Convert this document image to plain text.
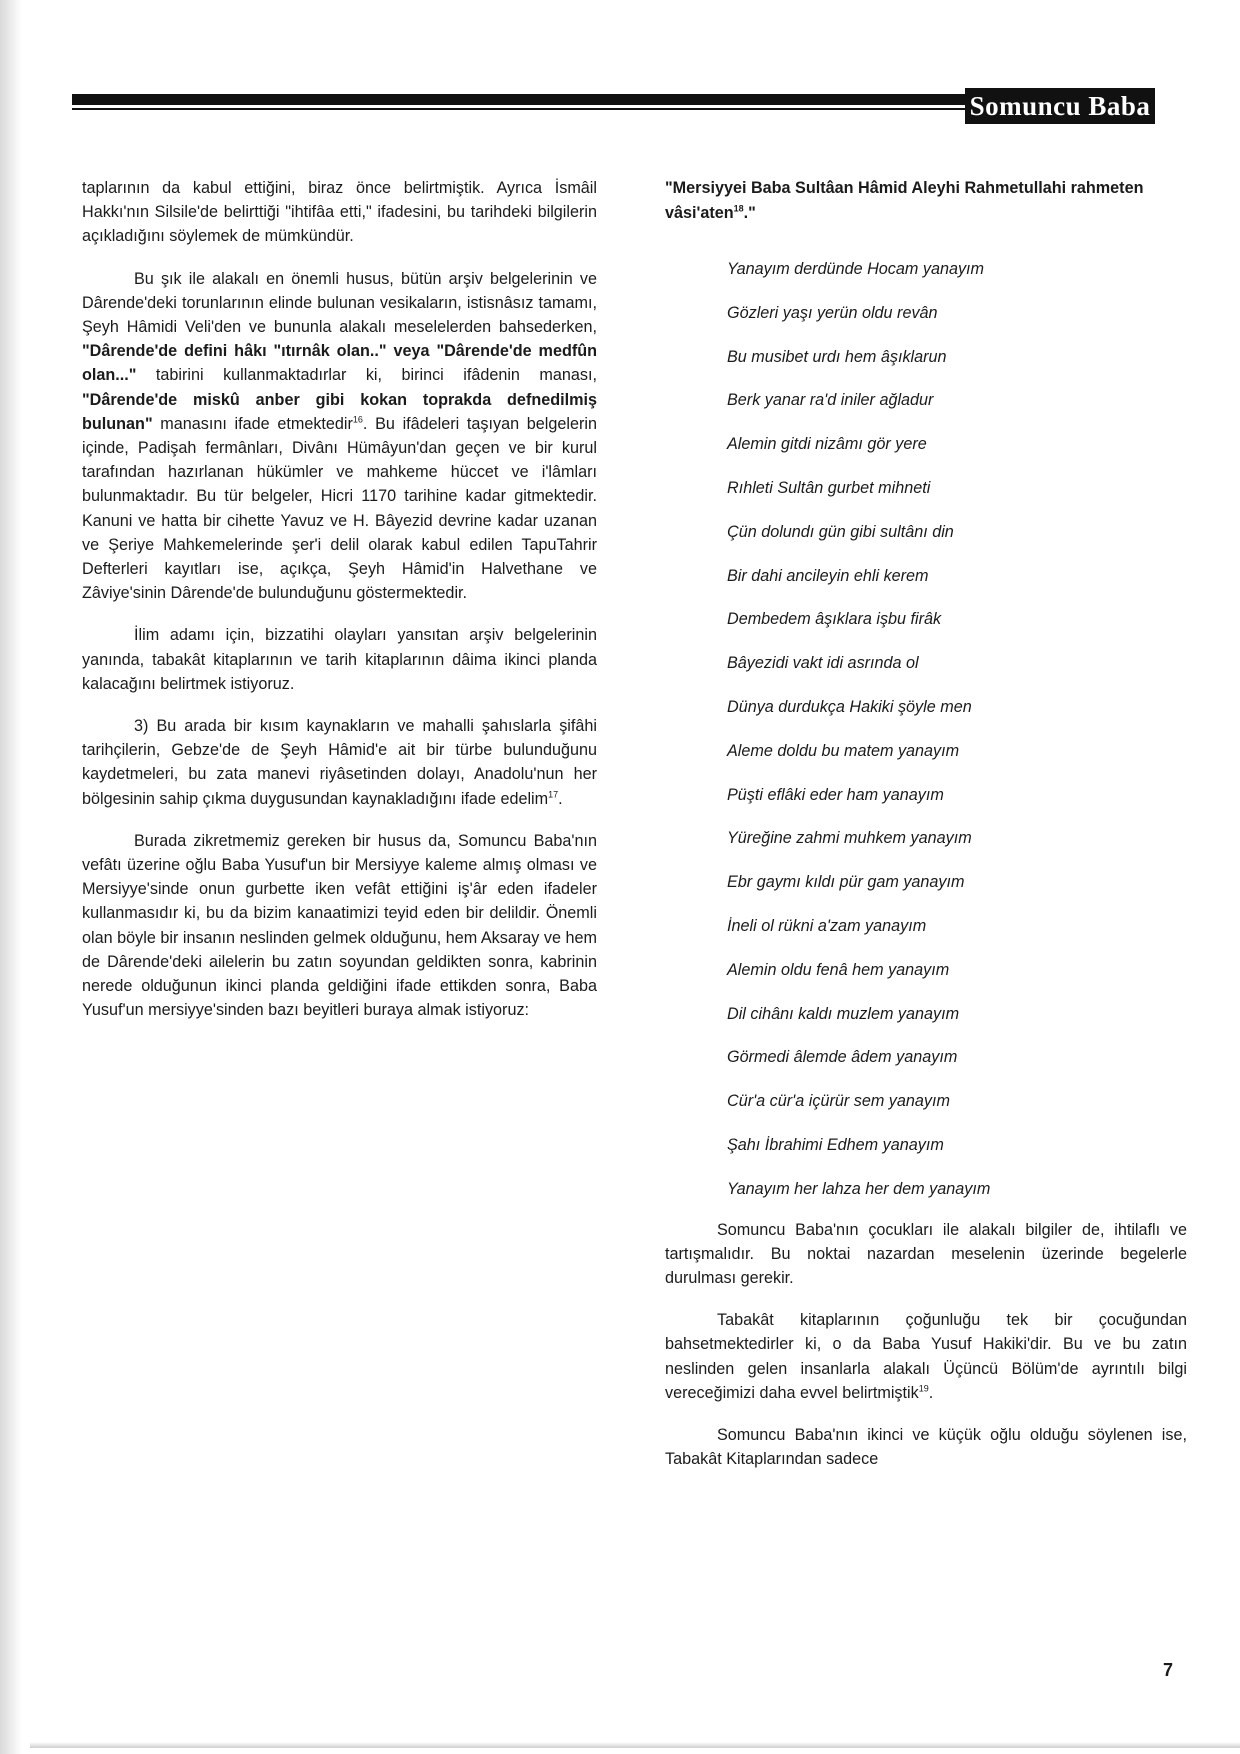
Somuncu Baba

taplarının da kabul ettiğini, biraz önce belirtmiştik. Ayrıca İsmâil Hakkı'nın Silsile'de belirttiği "ihtifâa etti," ifadesini, bu tarihdeki bilgilerin açıkladığını söylemek de mümkündür.

Bu şık ile alakalı en önemli husus, bütün arşiv belgelerinin ve Dârende'deki torunlarının elinde bulunan vesikaların, istisnâsız tamamı, Şeyh Hâmidi Veli'den ve bununla alakalı meselelerden bahsederken, "Dârende'de defini hâkı "ıtırnâk olan.." veya "Dârende'de medfûn olan..." tabirini kullanmaktadırlar ki, birinci ifâdenin manası, "Dârende'de miskû anber gibi kokan toprakda defnedilmiş bulunan" manasını ifade etmektedir$^{16}$. Bu ifâdeleri taşıyan belgelerin içinde, Padişah fermânları, Divânı Hümâyun'dan geçen ve bir kurul tarafından hazırlanan hükümler ve mahkeme hüccet ve i'lâmları bulunmaktadır. Bu tür belgeler, Hicri 1170 tarihine kadar gitmektedir. Kanuni ve hatta bir cihette Yavuz ve H. Bâyezid devrine kadar uzanan ve Şeriye Mahkemelerinde şer'i delil olarak kabul edilen TapuTahrir Defterleri kayıtları ise, açıkça, Şeyh Hâmid'in Halvethane ve Zâviye'sinin Dârende'de bulunduğunu göstermektedir.

İlim adamı için, bizzatihi olayları yansıtan arşiv belgelerinin yanında, tabakât kitaplarının ve tarih kitaplarının dâima ikinci planda kalacağını belirtmek istiyoruz.

3) Bu arada bir kısım kaynakların ve mahalli şahıslarla şifâhi tarihçilerin, Gebze'de de Şeyh Hâmid'e ait bir türbe bulunduğunu kaydetmeleri, bu zata manevi riyâsetinden dolayı, Anadolu'nun her bölgesinin sahip çıkma duygusundan kaynakladığını ifade edelim$^{17}$.

Burada zikretmemiz gereken bir husus da, Somuncu Baba'nın vefâtı üzerine oğlu Baba Yusuf'un bir Mersiyye kaleme almış olması ve Mersiyye'sinde onun gurbette iken vefât ettiğini iş'âr eden ifadeler kullanmasıdır ki, bu da bizim kanaatimizi teyid eden bir delildir. Önemli olan böyle bir insanın neslinden gelmek olduğunu, hem Aksaray ve hem de Dârende'deki ailelerin bu zatın soyundan geldikten sonra, kabrinin nerede olduğunun ikinci planda geldiğini ifade ettikden sonra, Baba Yusuf'un mersiyye'sinden bazı beyitleri buraya almak istiyoruz:

"Mersiyyei Baba Sultâan Hâmid Aleyhi Rahmetullahi rahmeten vâsi'aten$^{18}$."

Yanayım derdünde Hocam yanayım
Gözleri yaşı yerün oldu revân
Bu musibet urdı hem âşıklarun
Berk yanar ra'd iniler ağladur
Alemin gitdi nizâmı gör yere
Rıhleti Sultân gurbet mihneti
Çün dolundı gün gibi sultânı din
Bir dahi ancileyin ehli kerem
Dembedem âşıklara işbu firâk
Bâyezidi vakt idi asrında ol
Dünya durdukça Hakiki şöyle men
Aleme doldu bu matem yanayım
Püşti eflâki eder ham yanayım
Yüreğine zahmi muhkem yanayım
Ebr gaymı kıldı pür gam yanayım
İneli ol rükni a'zam yanayım
Alemin oldu fenâ hem yanayım
Dil cihânı kaldı muzlem yanayım
Görmedi âlemde âdem yanayım
Cür'a cür'a içürür sem yanayım
Şahı İbrahimi Edhem yanayım
Yanayım her lahza her dem yanayım

Somuncu Baba'nın çocukları ile alakalı bilgiler de, ihtilaflı ve tartışmalıdır. Bu noktai nazardan meselenin üzerinde begelerle durulması gerekir.

Tabakât kitaplarının çoğunluğu tek bir çocuğundan bahsetmektedirler ki, o da Baba Yusuf Hakiki'dir. Bu ve bu zatın neslinden gelen insanlarla alakalı Üçüncü Bölüm'de ayrıntılı bilgi vereceğimizi daha evvel belirtmiştik$^{19}$.

Somuncu Baba'nın ikinci ve küçük oğlu olduğu söylenen ise, Tabakât Kitaplarından sadece

7
